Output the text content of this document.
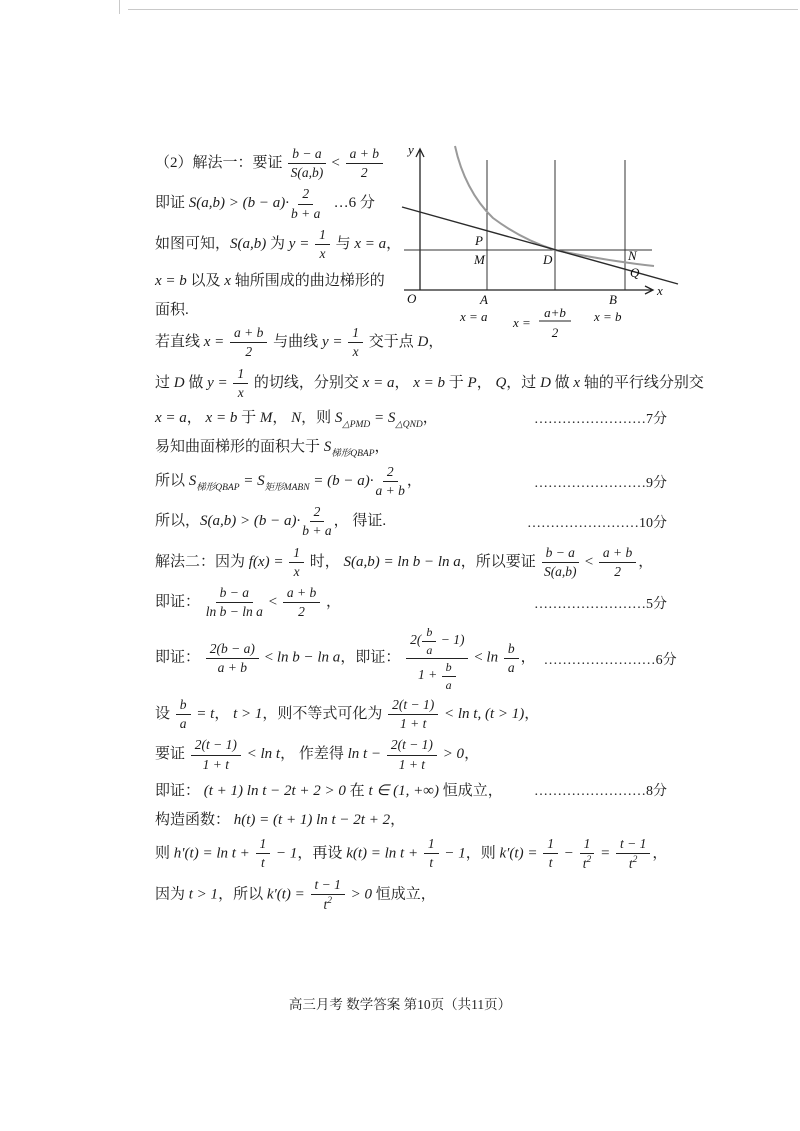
（2）解法一：要证 $\frac{b - a}{S(a,b)} < \frac{a + b}{2}$
即证 $S(a,b) > (b - a)\cdot \frac{2}{b + a}$ …6 分
如图可知，S(a,b) 为 $y = \frac{1}{x}$ 与 x = a，
x = b 以及 x 轴所围成的曲边梯形的
面积.
若直线 $x = \frac{a + b}{2}$ 与曲线 $y = \frac{1}{x}$ 交于点 D，
过 D 做 $y = \frac{1}{x}$ 的切线，分别交 x = a， x = b 于 P， Q，过 D 做 x 轴的平行线分别交
x = a， x = b 于 M， N，则 $S_{\triangle PMD} = S_{\triangle QND}$，	……………………7分
易知曲面梯形的面积大于 $S_{梯形QBAP}$，
所以 $S_{梯形QBAP} = S_{矩形MABN} = (b - a)\cdot \frac{2}{a + b}$ ，	……………………9分
所以，$S(a,b) > (b - a)\cdot \frac{2}{b + a}$ ， 得证.	……………………10分
解法二：因为 $f(x) = \frac{1}{x}$ 时， S(a,b) = ln b − ln a，所以要证 $\frac{b - a}{S(a,b)} < \frac{a + b}{2}$ ，
即证： $\frac{b - a}{\text{ln b − ln a}} < \frac{a + b}{2}$ ，	……………………5分
即证： $\frac{2(b - a)}{a + b} < \ln b - \ln a$，即证： $\frac{2( \frac{b}{a} - 1)}{1 + \frac{b}{a}} < \ln \frac{b}{a}$ ， ……………………6分
设 $\frac{b}{a} = t$， t > 1，则不等式可化为 $\frac{2(t - 1)}{1 + t} < \ln t$, (t > 1)，
要证 $\frac{2(t - 1)}{1 + t} < \ln t$， 作差得 $\ln t - \frac{2(t - 1)}{1 + t} > 0$，
即证： (t + 1) ln t − 2t + 2 > 0 在 t ∈ (1, +∞) 恒成立，	……………………8分
构造函数： h(t) = (t + 1) ln t − 2t + 2，
则 $h'(t) = \ln t + \frac{1}{t} - 1$，再设 $k(t) = \ln t + \frac{1}{t} - 1$，则 $k'(t) = \frac{1}{t} - \frac{1}{t^2} = \frac{t - 1}{t^2}$ ，
因为 t > 1，所以 $k'(t) = \frac{t - 1}{t^2} > 0$ 恒成立，
y
x
O
P
M	D	N
Q
A	B
x = a x =
a+b
2
x = b
高三月考 数学答案 第10页（共11页）
